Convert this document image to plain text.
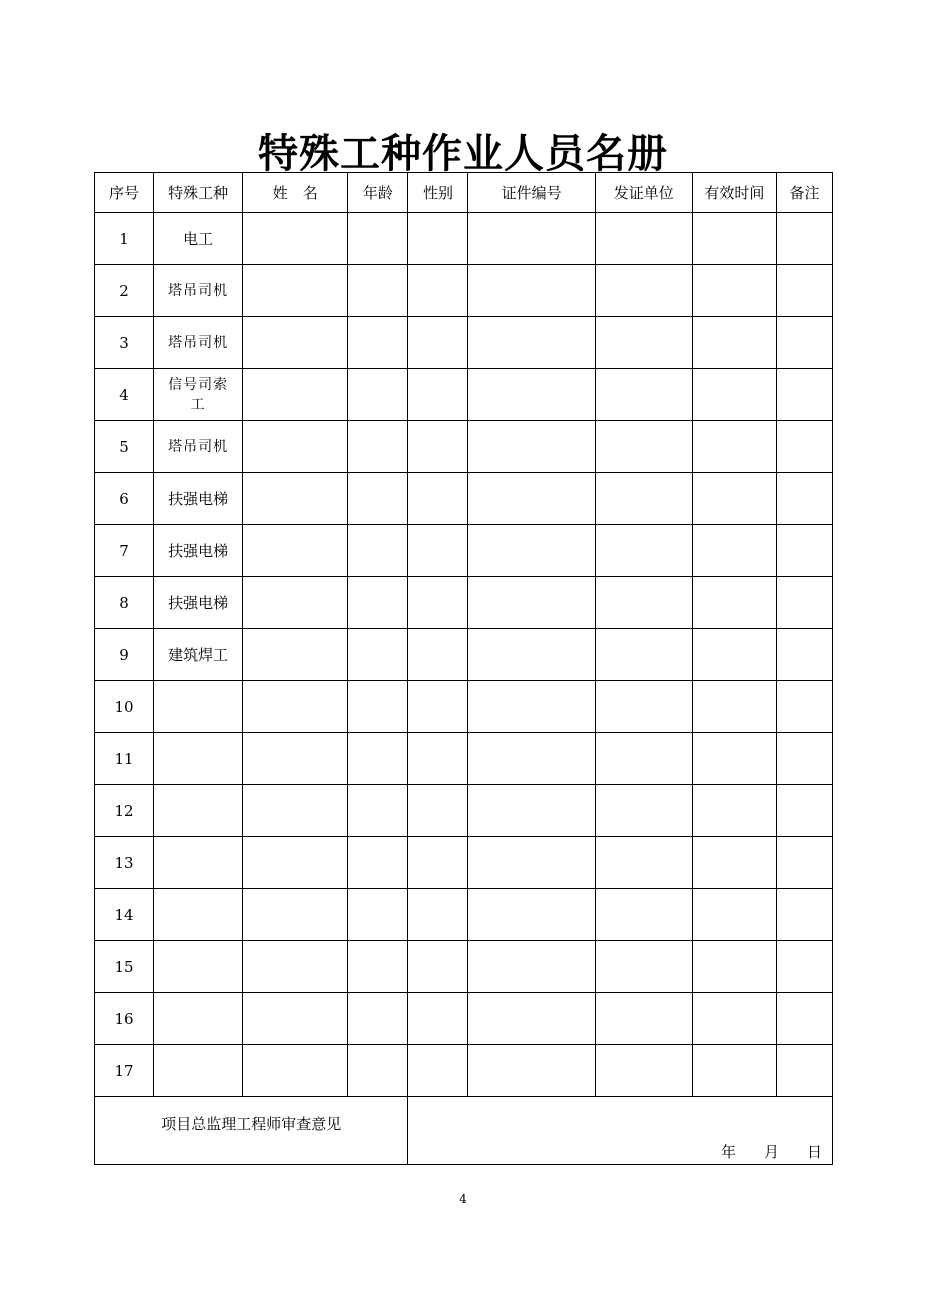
特殊工种作业人员名册
序号	特殊工种	姓　名	年龄	性别	证件编号	发证单位	有效时间	备注
1	电工							
2	塔吊司机							
3	塔吊司机							
4	信号司索工							
5	塔吊司机							
6	扶强电梯							
7	扶强电梯							
8	扶强电梯							
9	建筑焊工							
10								
11								
12								
13								
14								
15								
16								
17								
项目总监理工程师审查意见				年 月 日				
4
